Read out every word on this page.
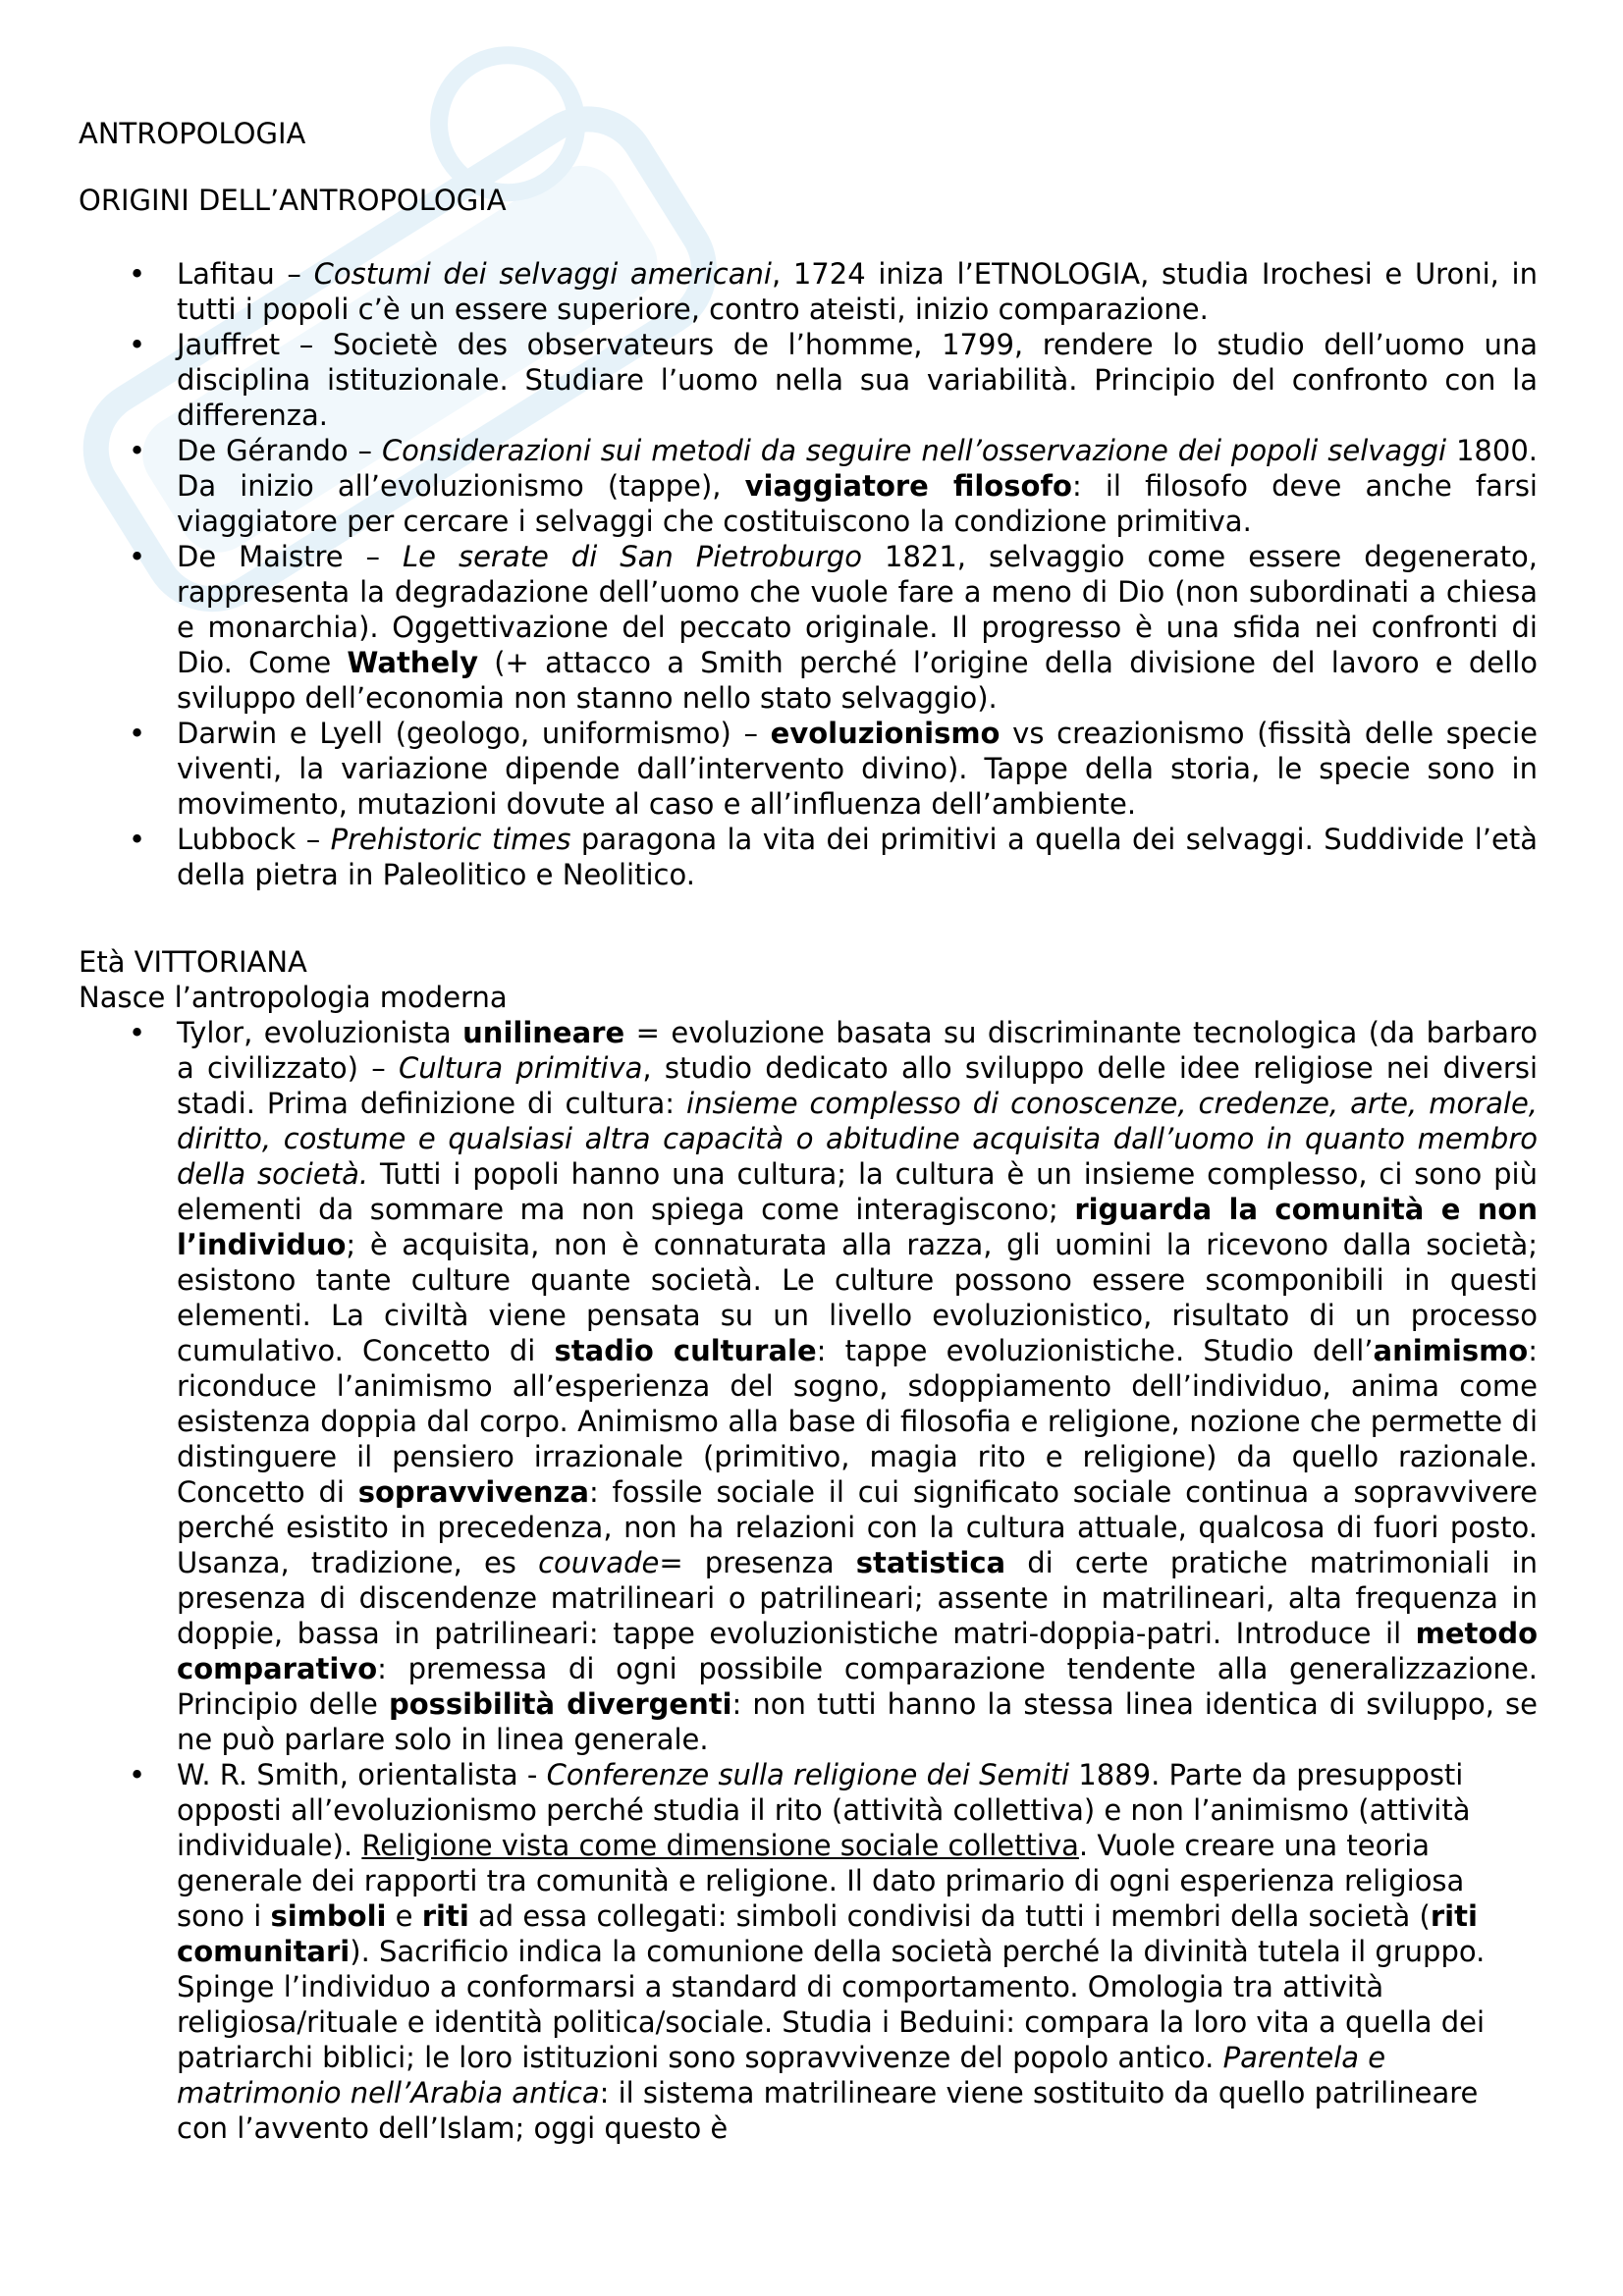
ANTROPOLOGIA
ORIGINI DELL’ANTROPOLOGIA
• Lafitau – Costumi dei selvaggi americani, 1724 iniza l’ETNOLOGIA, studia Irochesi e Uroni, in tutti i popoli c’è un essere superiore, contro ateisti, inizio comparazione.
• Jauffret – Societè des observateurs de l’homme, 1799, rendere lo studio dell’uomo una disciplina istituzionale. Studiare l’uomo nella sua variabilità. Principio del confronto con la differenza.
• De Gérando – Considerazioni sui metodi da seguire nell’osservazione dei popoli selvaggi 1800. Da inizio all’evoluzionismo (tappe), viaggiatore filosofo: il filosofo deve anche farsi viaggiatore per cercare i selvaggi che costituiscono la condizione primitiva.
• De Maistre – Le serate di San Pietroburgo 1821, selvaggio come essere degenerato, rappresenta la degradazione dell’uomo che vuole fare a meno di Dio (non subordinati a chiesa e monarchia). Oggettivazione del peccato originale. Il progresso è una sfida nei confronti di Dio. Come Wathely (+ attacco a Smith perché l’origine della divisione del lavoro e dello sviluppo dell’economia non stanno nello stato selvaggio).
• Darwin e Lyell (geologo, uniformismo) – evoluzionismo vs creazionismo (fissità delle specie viventi, la variazione dipende dall’intervento divino). Tappe della storia, le specie sono in movimento, mutazioni dovute al caso e all’influenza dell’ambiente.
• Lubbock – Prehistoric times paragona la vita dei primitivi a quella dei selvaggi. Suddivide l’età della pietra in Paleolitico e Neolitico.
Età VITTORIANA
Nasce l’antropologia moderna
• Tylor, evoluzionista unilineare = evoluzione basata su discriminante tecnologica (da barbaro a civilizzato) – Cultura primitiva, studio dedicato allo sviluppo delle idee religiose nei diversi stadi. Prima definizione di cultura: insieme complesso di conoscenze, credenze, arte, morale, diritto, costume e qualsiasi altra capacità o abitudine acquisita dall’uomo in quanto membro della società. Tutti i popoli hanno una cultura; la cultura è un insieme complesso, ci sono più elementi da sommare ma non spiega come interagiscono; riguarda la comunità e non l’individuo; è acquisita, non è connaturata alla razza, gli uomini la ricevono dalla società; esistono tante culture quante società. Le culture possono essere scomponibili in questi elementi. La civiltà viene pensata su un livello evoluzionistico, risultato di un processo cumulativo. Concetto di stadio culturale: tappe evoluzionistiche. Studio dell’animismo: riconduce l’animismo all’esperienza del sogno, sdoppiamento dell’individuo, anima come esistenza doppia dal corpo. Animismo alla base di filosofia e religione, nozione che permette di distinguere il pensiero irrazionale (primitivo, magia rito e religione) da quello razionale. Concetto di sopravvivenza: fossile sociale il cui significato sociale continua a sopravvivere perché esistito in precedenza, non ha relazioni con la cultura attuale, qualcosa di fuori posto. Usanza, tradizione, es couvade= presenza statistica di certe pratiche matrimoniali in presenza di discendenze matrilineari o patrilineari; assente in matrilineari, alta frequenza in doppie, bassa in patrilineari: tappe evoluzionistiche matri-doppia-patri. Introduce il metodo comparativo: premessa di ogni possibile comparazione tendente alla generalizzazione. Principio delle possibilità divergenti: non tutti hanno la stessa linea identica di sviluppo, se ne può parlare solo in linea generale.
• W. R. Smith, orientalista - Conferenze sulla religione dei Semiti 1889. Parte da presupposti opposti all’evoluzionismo perché studia il rito (attività collettiva) e non l’animismo (attività individuale). Religione vista come dimensione sociale collettiva. Vuole creare una teoria generale dei rapporti tra comunità e religione. Il dato primario di ogni esperienza religiosa sono i simboli e riti ad essa collegati: simboli condivisi da tutti i membri della società (riti comunitari). Sacrificio indica la comunione della società perché la divinità tutela il gruppo. Spinge l’individuo a conformarsi a standard di comportamento. Omologia tra attività religiosa/rituale e identità politica/sociale. Studia i Beduini: compara la loro vita a quella dei patriarchi biblici; le loro istituzioni sono sopravvivenze del popolo antico. Parentela e matrimonio nell’Arabia antica: il sistema matrilineare viene sostituito da quello patrilineare con l’avvento dell’Islam; oggi questo è
